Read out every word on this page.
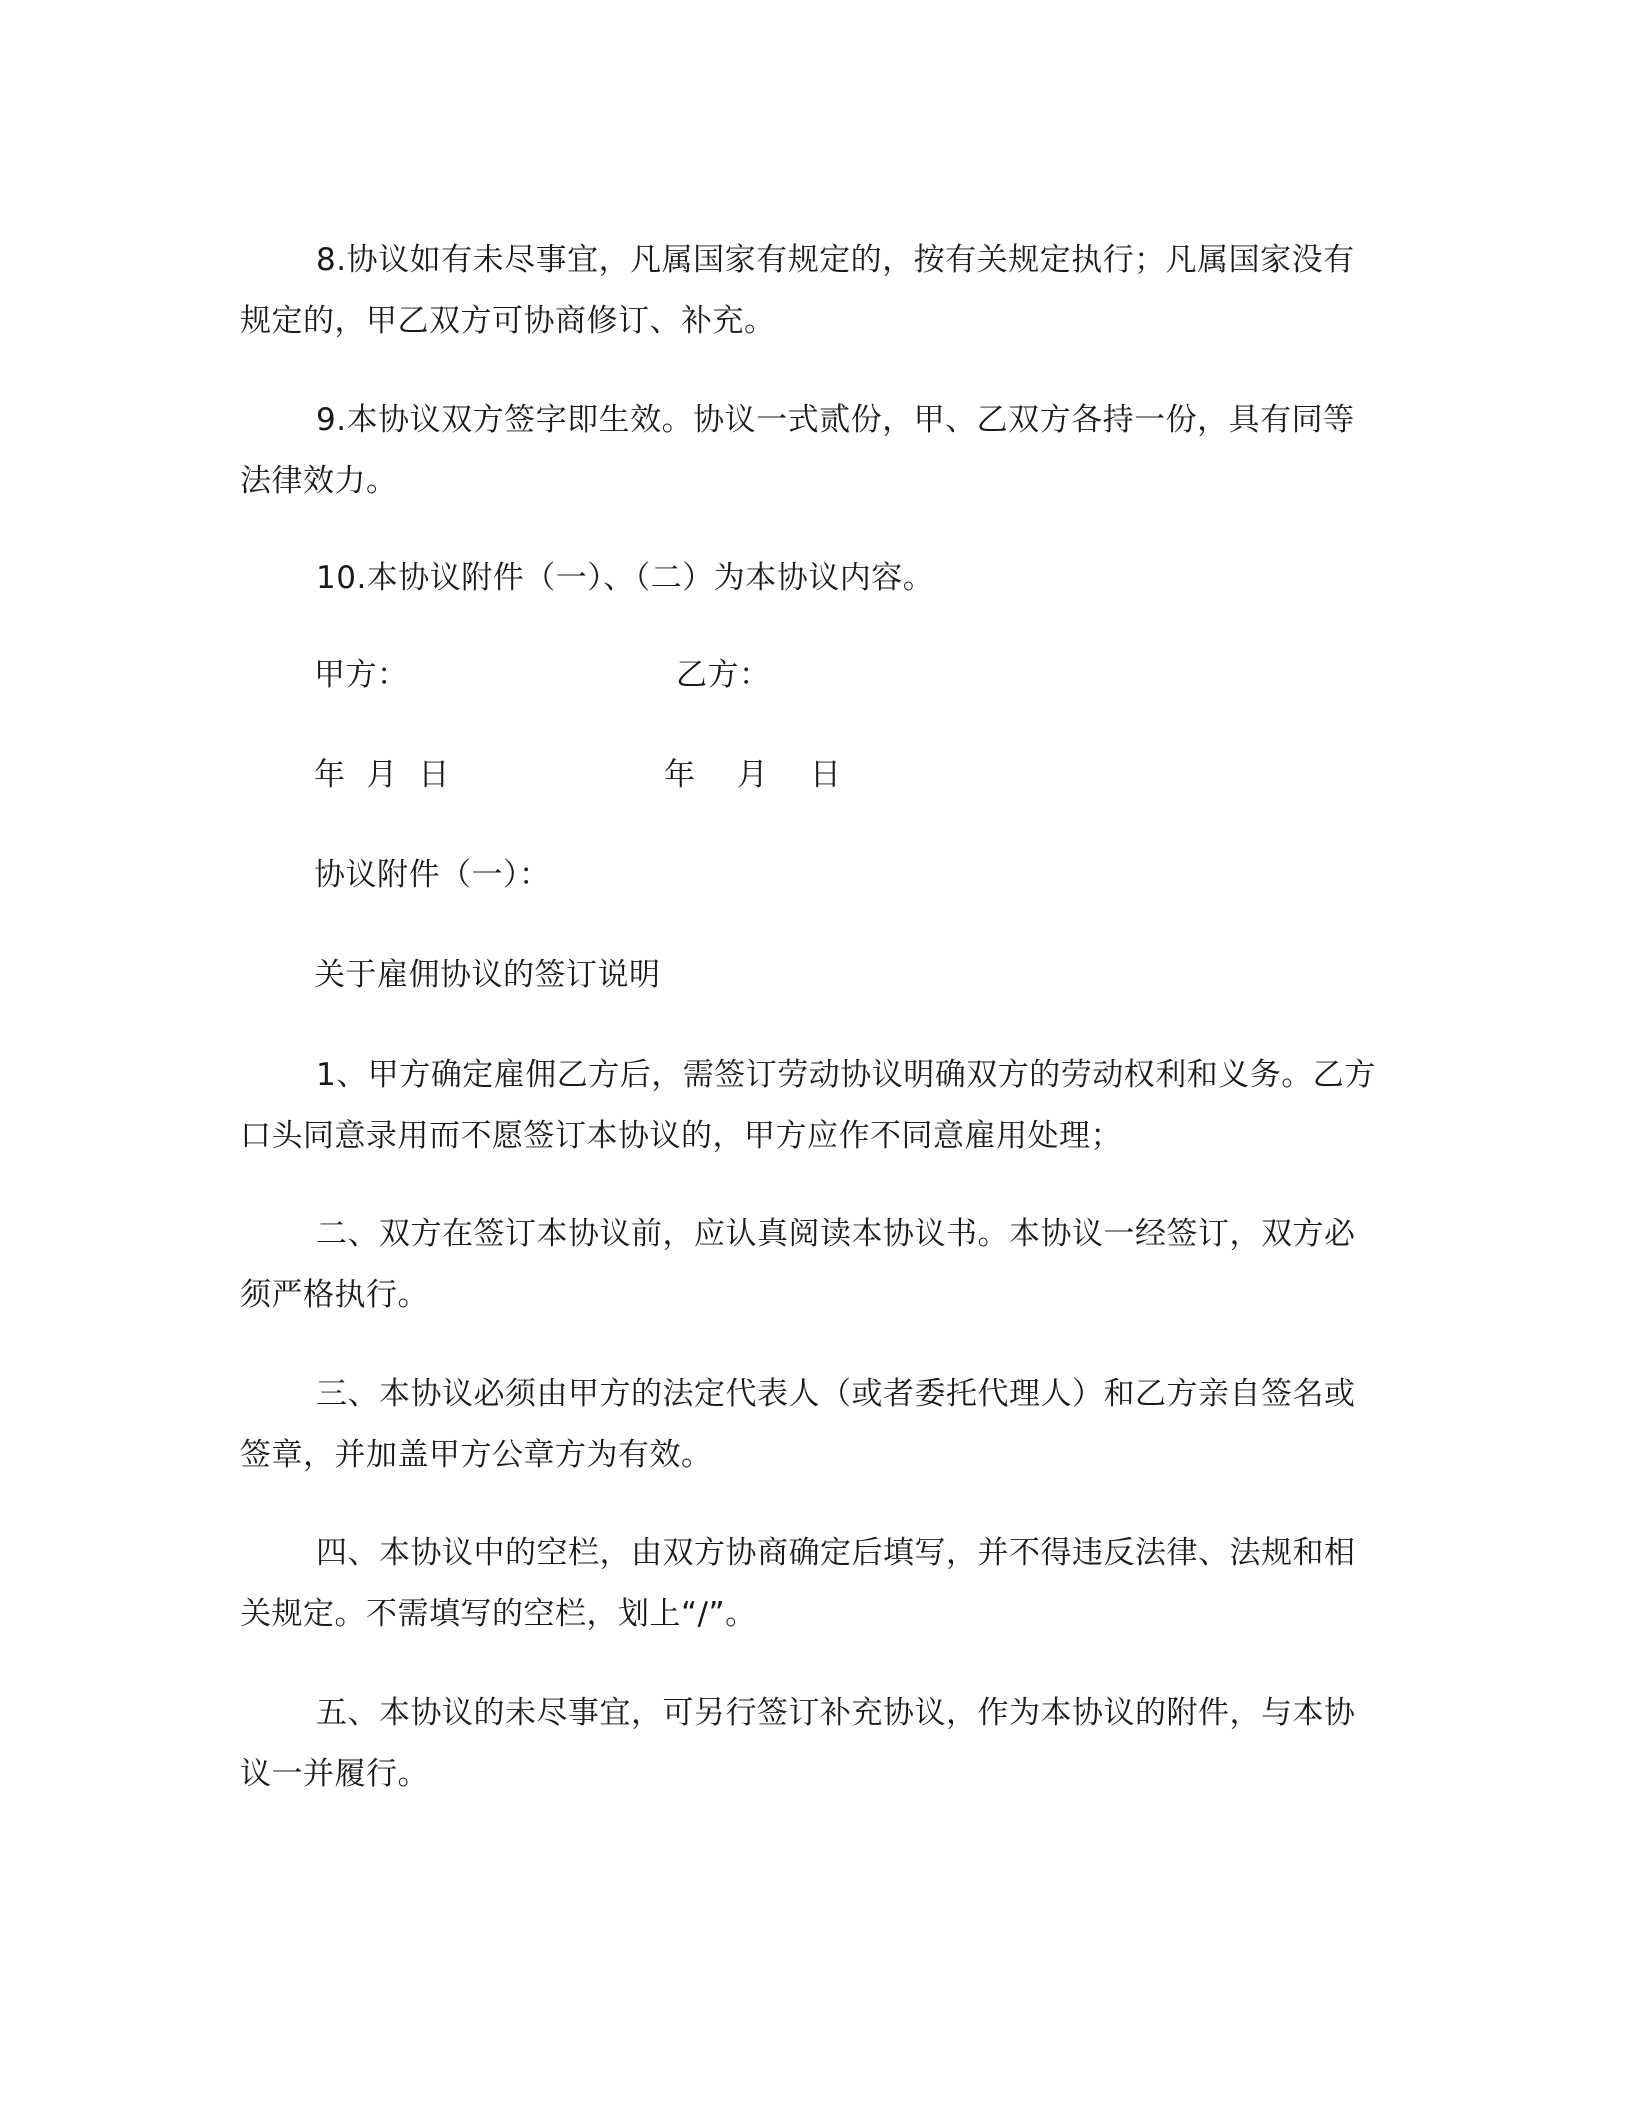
8.协议如有未尽事宜，凡属国家有规定的，按有关规定执行；凡属国家没有规定的，甲乙双方可协商修订、补充。

9.本协议双方签字即生效。协议一式贰份，甲、乙双方各持一份，具有同等法律效力。

10.本协议附件（一）、（二）为本协议内容。

甲方：	乙方：

年  月  日	年    月    日

协议附件（一）：

关于雇佣协议的签订说明

1、甲方确定雇佣乙方后，需签订劳动协议明确双方的劳动权利和义务。乙方口头同意录用而不愿签订本协议的，甲方应作不同意雇用处理；

二、双方在签订本协议前，应认真阅读本协议书。本协议一经签订，双方必须严格执行。

三、本协议必须由甲方的法定代表人（或者委托代理人）和乙方亲自签名或签章，并加盖甲方公章方为有效。

四、本协议中的空栏，由双方协商确定后填写，并不得违反法律、法规和相关规定。不需填写的空栏，划上“/”。

五、本协议的未尽事宜，可另行签订补充协议，作为本协议的附件，与本协议一并履行。
